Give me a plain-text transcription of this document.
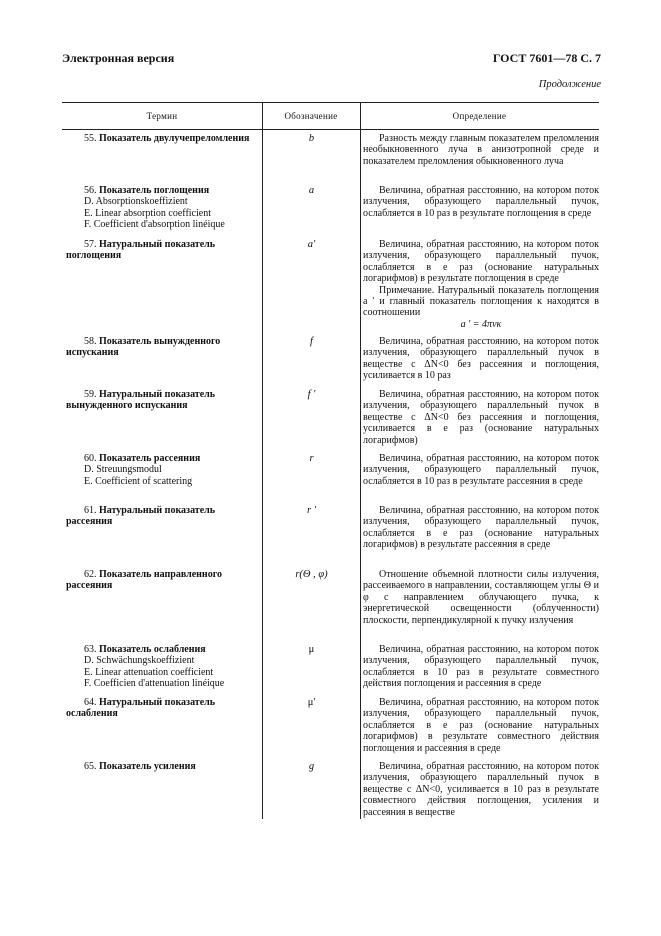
Электронная версия	ГОСТ 7601—78 С. 7
Продолжение
Термин	Обозначение	Определение
55. Показатель двулучепреломления	b	Разность между главным показателем преломления необыкновенного луча в анизотропной среде и показателем преломления обыкновенного луча
56. Показатель поглощения
D. Absorptionskoeffizient
E. Linear absorption coefficient
F. Coefficient d'absorption linéique
a	Величина, обратная расстоянию, на котором поток излучения, образующего параллельный пучок, ослабляется в 10 раз в результате поглощения в среде
57. Натуральный показатель поглощения
a'	Величина, обратная расстоянию, на котором поток излучения, образующего параллельный пучок, ослабляется в e раз (основание натуральных логарифмов) в результате поглощения в среде
Примечание. Натуральный показатель поглощения a ' и главный показатель поглощения к находятся в соотношении
a ' = 4πνκ
58. Показатель вынужденного испускания
f	Величина, обратная расстоянию, на котором поток излучения, образующего параллельный пучок в веществе с ΔN<0 без рассеяния и поглощения, усиливается в 10 раз
59. Натуральный показатель вынужденного испускания
f '	Величина, обратная расстоянию, на котором поток излучения, образующего параллельный пучок в веществе с ΔN<0 без рассеяния и поглощения, усиливается в e раз (основание натуральных логарифмов)
60. Показатель рассеяния
D. Streuungsmodul
E. Coefficient of scattering
r	Величина, обратная расстоянию, на котором поток излучения, образующего параллельный пучок, ослабляется в 10 раз в результате рассеяния в среде
61. Натуральный показатель рассеяния
r '	Величина, обратная расстоянию, на котором поток излучения, образующего параллельный пучок, ослабляется в e раз (основание натуральных логарифмов) в результате рассеяния в среде
62. Показатель направленного рассеяния
r(Θ , φ)	Отношение объемной плотности силы излучения, рассеиваемого в направлении, составляющем углы Θ и φ с направлением облучающего пучка, к энергетической освещенности (облученности) плоскости, перпендикулярной к пучку излучения
63. Показатель ослабления
D. Schwächungskoeffizient
E. Linear attenuation coefficient
F. Coefficien d'attenuation linéique
μ	Величина, обратная расстоянию, на котором поток излучения, образующего параллельный пучок, ослабляется в 10 раз в результате совместного действия поглощения и рассеяния в среде
64. Натуральный показатель ослабления
μ'	Величина, обратная расстоянию, на котором поток излучения, образующего параллельный пучок, ослабляется в e раз (основание натуральных логарифмов) в результате совместного действия поглощения и рассеяния в среде
65. Показатель усиления	g	Величина, обратная расстоянию, на котором поток излучения, образующего параллельный пучок в веществе с ΔN<0, усиливается в 10 раз в результате совместного действия поглощения, усиления и рассеяния в веществе
